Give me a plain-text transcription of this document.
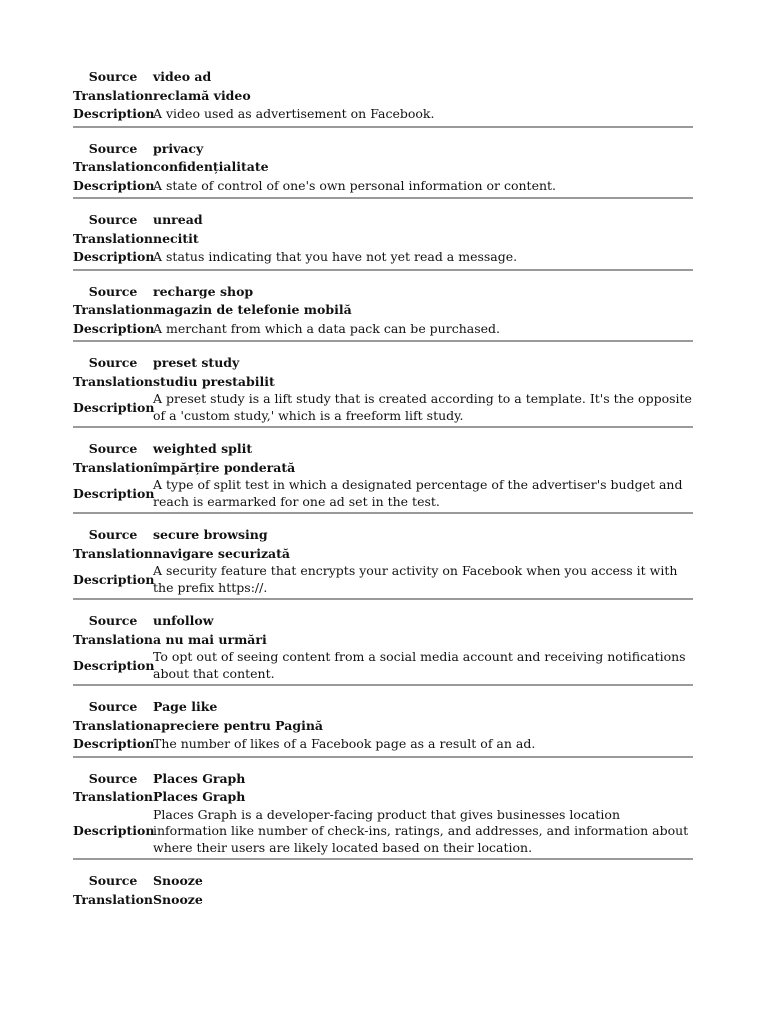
Source	video ad
Translation reclamă video
Description
A video used as advertisement on Facebook.
Source	privacy
Translation confidențialitate
Description
A state of control of one's own personal information or content.
Source	unread
Translation necitit
Description
A status indicating that you have not yet read a message.
Source	recharge shop
Translation magazin de telefonie mobilă
Description
A merchant from which a data pack can be purchased.
Source	preset study
Translation studiu prestabilit
Description
A preset study is a lift study that is created according to a template. It's the opposite of a 'custom study,' which is a freeform lift study.
Source	weighted split
Translation împărțire ponderată
Description
A type of split test in which a designated percentage of the advertiser's budget and reach is earmarked for one ad set in the test.
Source	secure browsing
Translation navigare securizată
Description
A security feature that encrypts your activity on Facebook when you access it with the prefix https://.
Source	unfollow
Translation a nu mai urmări
Description
To opt out of seeing content from a social media account and receiving notifications about that content.
Source	Page like
Translation apreciere pentru Pagină
Description
The number of likes of a Facebook page as a result of an ad.
Source	Places Graph
Translation Places Graph
Description
Places Graph is a developer-facing product that gives businesses location information like number of check-ins, ratings, and addresses, and information about where their users are likely located based on their location.
Source	Snooze
Translation Snooze
